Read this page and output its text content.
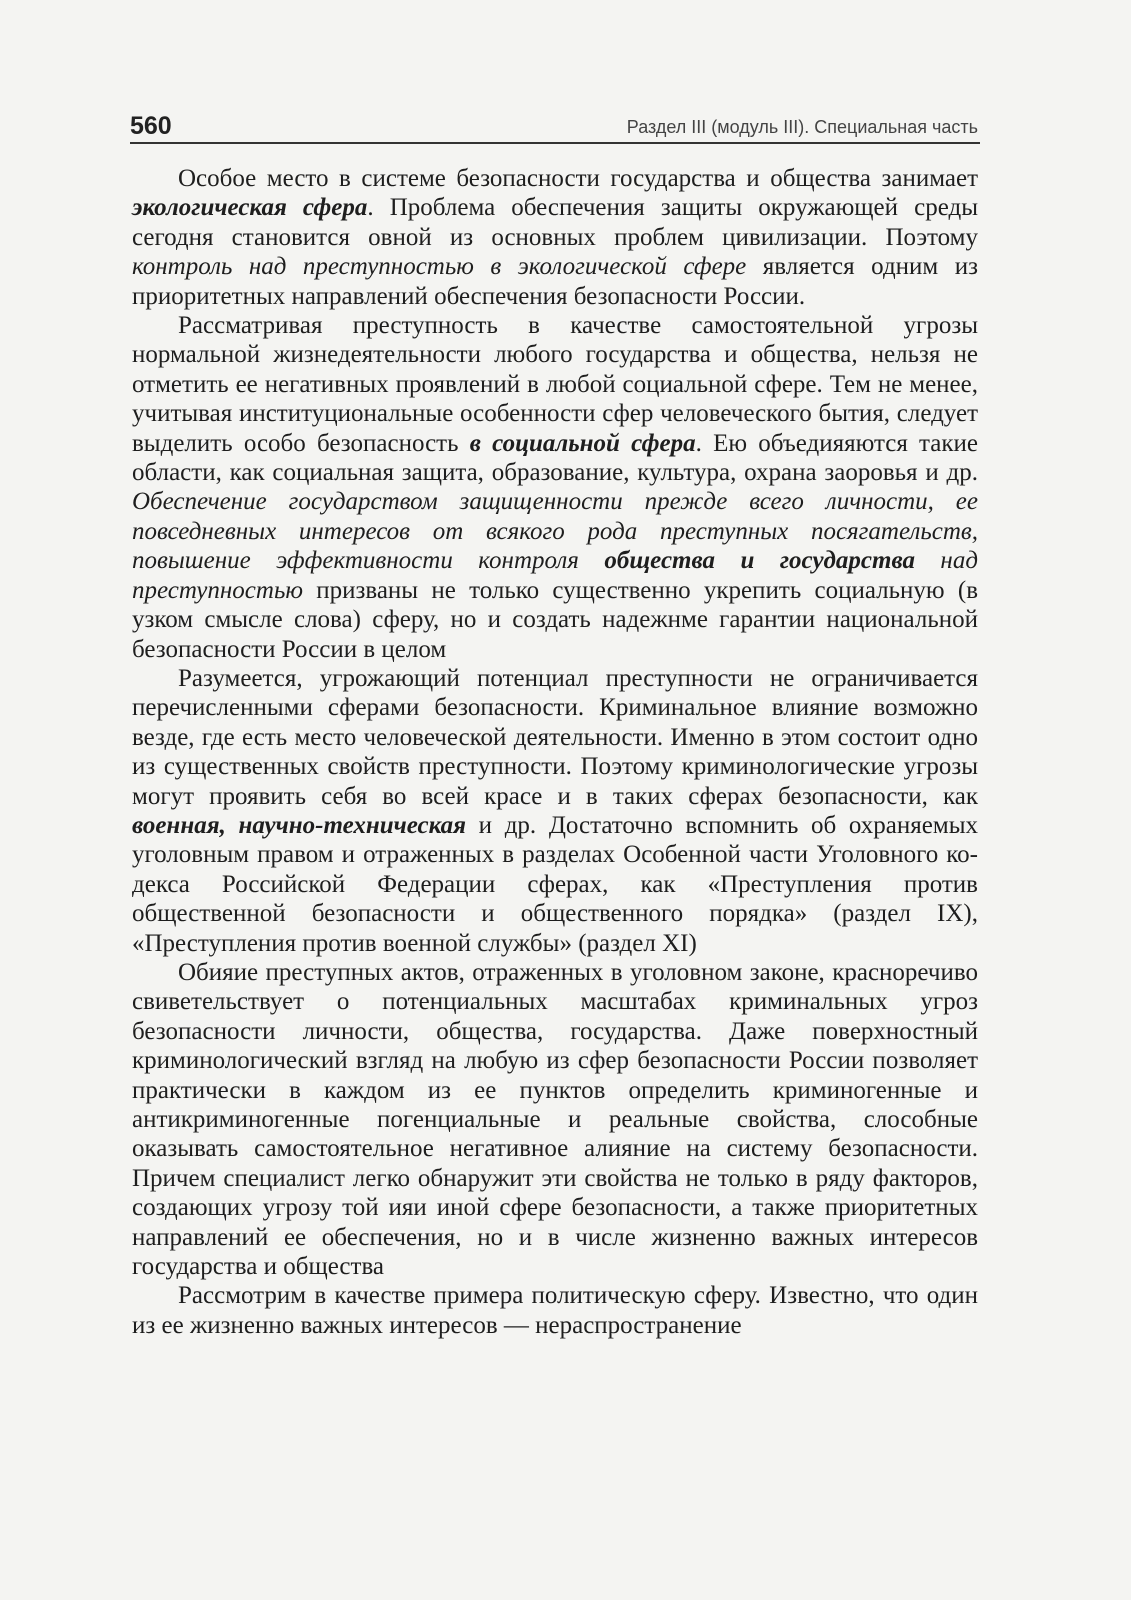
560	Раздел III (модуль III). Специальная часть

Особое место в системе безопасности государства и общества занимает экологическая сфера. Проблема обеспечения защиты окружающей среды сегодня становится овной из основных проблем цивилизации. Поэтому контроль над преступностью в экологической сфере является одним из приоритетных направлений обеспечения безопасности России.

Рассматривая преступность в качестве самостоятельной угрозы нормальной жизнедеятельности любого государства и общества, нельзя не отметить ее негативных проявлений в любой социальной сфере. Тем не менее, учитывая институциональные особенности сфер человеческого бытия, следует выделить особо безопасность в социальной сфера. Ею объедияяются такие области, как социальная защита, образование, культура, охрана заоровья и др. Обеспечение государством защищенности прежде всего личности, ее повседневных интересов от всякого рода преступных посягательств, повышение эффективности контроля общества и государства над преступностью призваны не только существенно укрепить социальную (в узком смысле слова) сферу, но и создать надежнме гарантии национальной безопасности России в целом

Разумеется, угрожающий потенциал преступности не ограничивается перечисленными сферами безопасности. Криминальное влияние возможно везде, где есть место человеческой деятельности. Именно в этом состоит одно из существенных свойств преступности. Поэтому криминологические угрозы могут проявить себя во всей красе и в таких сферах безопасности, как военная, научно-техническая и др. Достаточно вспомнить об охраняемых уголовным правом и отраженных в разделах Особенной части Уголовного кодекса Российской Федерации сферах, как «Преступления против общественной безопасности и общественного порядка» (раздел IX), «Преступления против военной службы» (раздел XI)

Обияие преступных актов, отраженных в уголовном законе, красноречиво свиветельствует о потенциальных масштабах криминальных угроз безопасности личности, общества, государства. Даже поверхностный криминологический взгляд на любую из сфер безопасности России позволяет практически в каждом из ее пунктов определить криминогенные и антикриминогенные погенциальные и реальные свойства, слособные оказывать самостоятельное негативное алияние на систему безопасности. Причем специалист легко обнаружит эти свойства не только в ряду факторов, создающих угрозу той ияи иной сфере безопасности, а также приоритетных направлений ее обеспечения, но и в числе жизненно важных интересов государства и общества

Рассмотрим в качестве примера политическую сферу. Известно, что один из ее жизненно важных интересов — нераспространение
